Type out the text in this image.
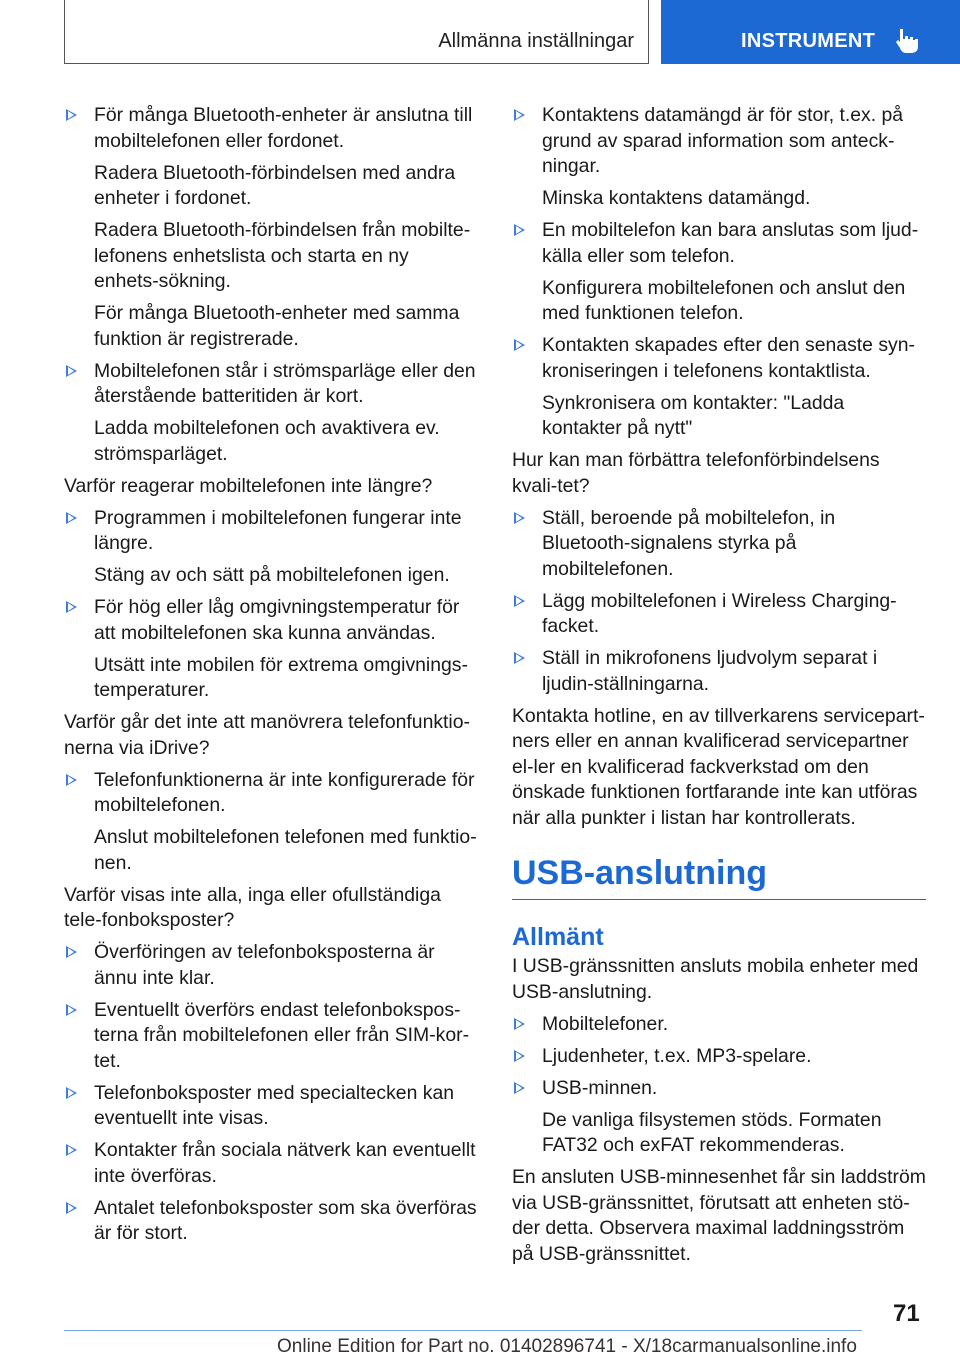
Allmänna inställningar	INSTRUMENT
För många Bluetooth-enheter är anslutna till mobiltelefonen eller fordonet.
Radera Bluetooth-förbindelsen med andra enheter i fordonet.
Radera Bluetooth-förbindelsen från mobilte‐lefonens enhetslista och starta en ny enhets‐sökning.
För många Bluetooth-enheter med samma funktion är registrerade.
Mobiltelefonen står i strömsparläge eller den återstående batteritiden är kort.
Ladda mobiltelefonen och avaktivera ev. strömsparläget.
Varför reagerar mobiltelefonen inte längre?
Programmen i mobiltelefonen fungerar inte längre.
Stäng av och sätt på mobiltelefonen igen.
För hög eller låg omgivningstemperatur för att mobiltelefonen ska kunna användas.
Utsätt inte mobilen för extrema omgivnings‐temperaturer.
Varför går det inte att manövrera telefonfunktio‐nerna via iDrive?
Telefonfunktionerna är inte konfigurerade för mobiltelefonen.
Anslut mobiltelefonen telefonen med funktio‐nen.
Varför visas inte alla, inga eller ofullständiga tele‐fonboksposter?
Överföringen av telefonboksposterna är ännu inte klar.
Eventuellt överförs endast telefonbokspos‐terna från mobiltelefonen eller från SIM-kor‐tet.
Telefonboksposter med specialtecken kan eventuellt inte visas.
Kontakter från sociala nätverk kan eventuellt inte överföras.
Antalet telefonboksposter som ska överföras är för stort.
Kontaktens datamängd är för stor, t.ex. på grund av sparad information som anteck‐ningar.
Minska kontaktens datamängd.
En mobiltelefon kan bara anslutas som ljud‐källa eller som telefon.
Konfigurera mobiltelefonen och anslut den med funktionen telefon.
Kontakten skapades efter den senaste syn‐kroniseringen i telefonens kontaktlista.
Synkronisera om kontakter: "Ladda kontakter på nytt"
Hur kan man förbättra telefonförbindelsens kvali‐tet?
Ställ, beroende på mobiltelefon, in Bluetooth-signalens styrka på mobiltelefonen.
Lägg mobiltelefonen i Wireless Charging-facket.
Ställ in mikrofonens ljudvolym separat i ljudin‐ställningarna.
Kontakta hotline, en av tillverkarens servicepart‐ners eller en annan kvalificerad servicepartner el‐ler en kvalificerad fackverkstad om den önskade funktionen fortfarande inte kan utföras när alla punkter i listan har kontrollerats.
USB-anslutning
Allmänt
I USB-gränssnitten ansluts mobila enheter med USB-anslutning.
Mobiltelefoner.
Ljudenheter, t.ex. MP3-spelare.
USB-minnen.
De vanliga filsystemen stöds. Formaten FAT32 och exFAT rekommenderas.
En ansluten USB-minnesenhet får sin laddström via USB-gränssnittet, förutsatt att enheten stö‐der detta. Observera maximal laddningsström på USB-gränssnittet.
71
Online Edition for Part no. 01402896741 - X/18carmanualsonline.info
